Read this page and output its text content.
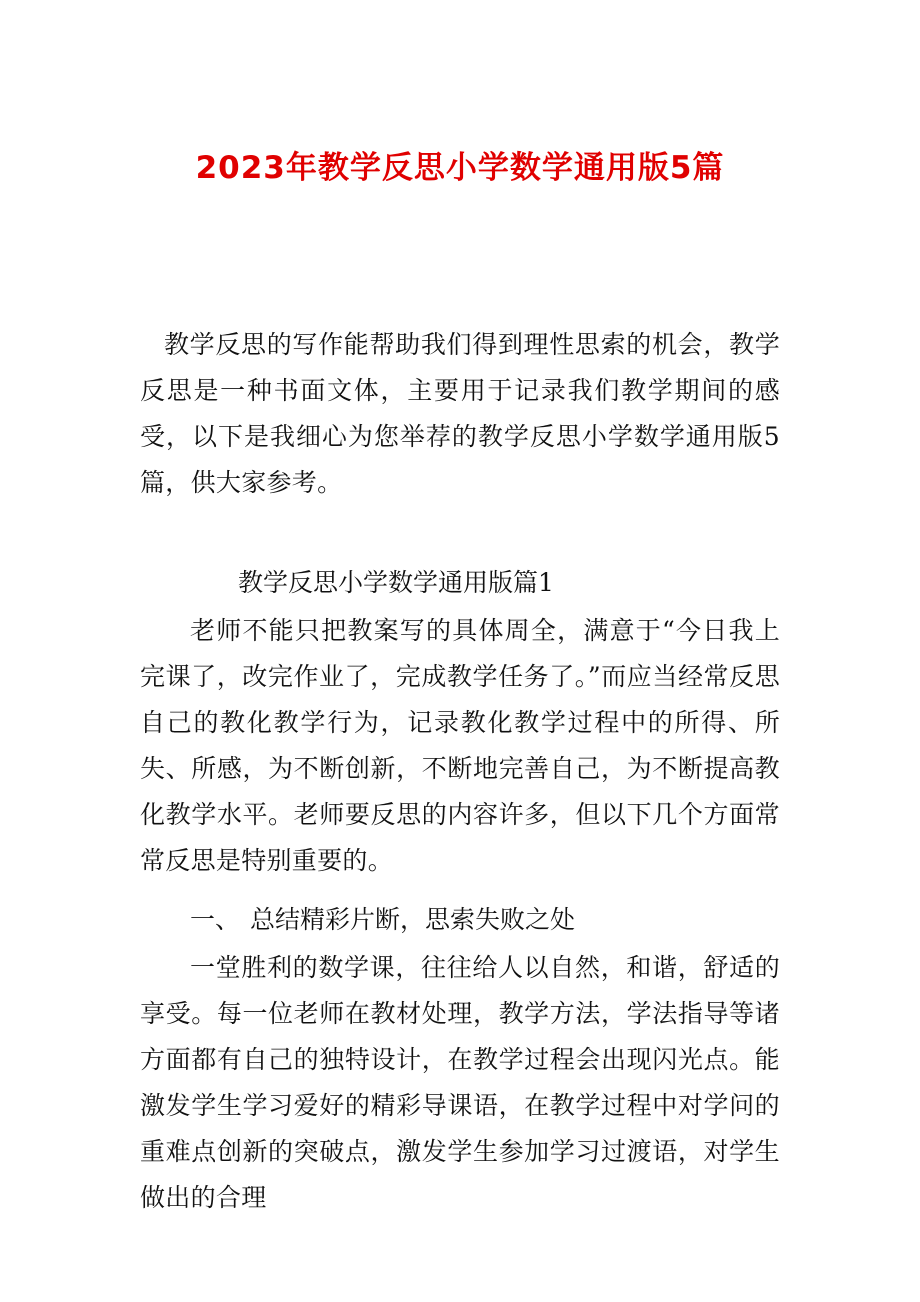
2023年教学反思小学数学通用版5篇
教学反思的写作能帮助我们得到理性思索的机会，教学反思是一种书面文体，主要用于记录我们教学期间的感受，以下是我细心为您举荐的教学反思小学数学通用版5篇，供大家参考。
教学反思小学数学通用版篇1
老师不能只把教案写的具体周全，满意于“今日我上完课了，改完作业了，完成教学任务了。”而应当经常反思自己的教化教学行为，记录教化教学过程中的所得、所失、所感，为不断创新，不断地完善自己，为不断提高教化教学水平。老师要反思的内容许多，但以下几个方面常常反思是特别重要的。
一、 总结精彩片断，思索失败之处
一堂胜利的数学课，往往给人以自然，和谐，舒适的享受。每一位老师在教材处理，教学方法，学法指导等诸方面都有自己的独特设计，在教学过程会出现闪光点。能激发学生学习爱好的精彩导课语，在教学过程中对学问的重难点创新的突破点，激发学生参加学习过渡语，对学生做出的合理
